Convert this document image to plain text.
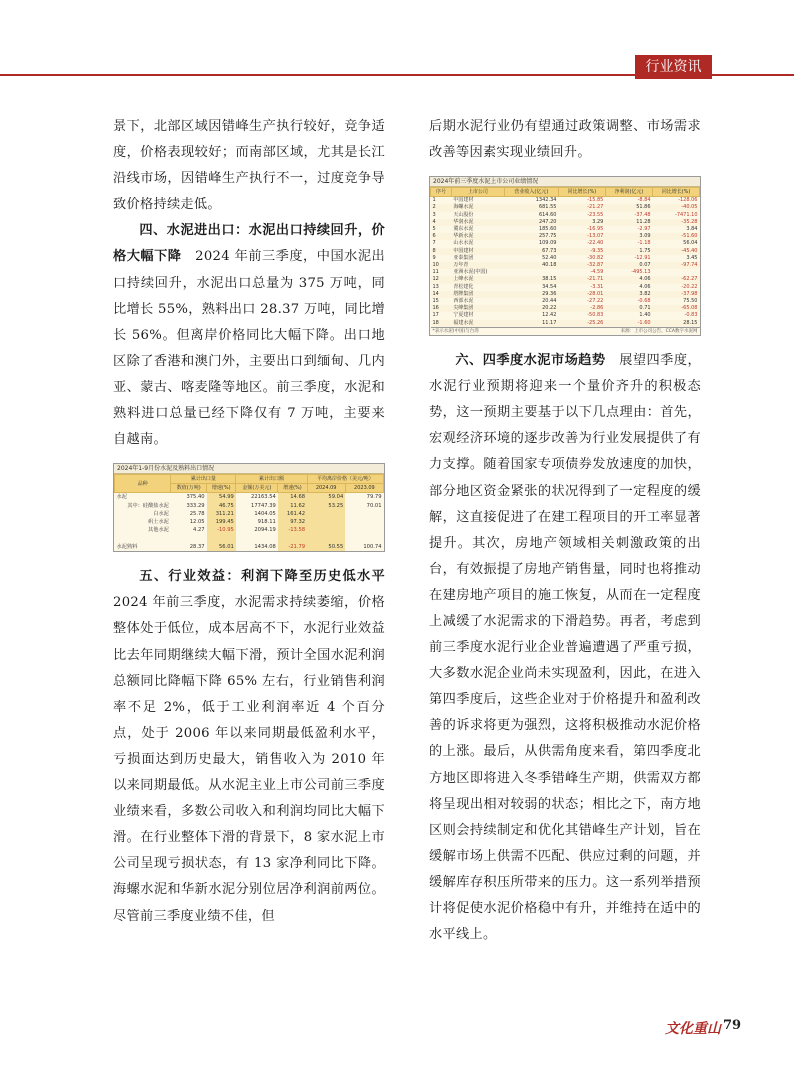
行业资讯

景下，北部区域因错峰生产执行较好，竞争适度，价格表现较好；而南部区域，尤其是长江沿线市场，因错峰生产执行不一，过度竞争导致价格持续走低。

四、水泥进出口：水泥出口持续回升，价格大幅下降　 2024 年前三季度，中国水泥出口持续回升，水泥出口总量为 375 万吨，同比增长 55%，熟料出口 28.37 万吨，同比增长 56%。但离岸价格同比大幅下降。出口地区除了香港和澳门外，主要出口到缅甸、几内亚、蒙古、喀麦隆等地区。前三季度，水泥和熟料进口总量已经下降仅有 7 万吨，主要来自越南。

2024年1-9月份水泥及熟料出口情况
品种	累计出口量		累计出口额		平均离岸价格（美元/吨）	
	数值(万吨)	增速(%)	金额(万美元)	增速(%)	2024.09	2023.09
水泥	375.40	54.99	22163.54	14.68	59.04	79.79
其中：硅酸盐水泥	333.29	46.75	17747.39	11.62	53.25	70.01
白水泥	25.78	311.21	1404.05	161.42		
矾土水泥	12.05	199.45	918.11	97.32		
其他水泥	4.27	-10.95	2094.19	-13.58		

水泥熟料	28.37	56.01	1434.08	-21.79	50.55	100.74

五、行业效益：利润下降至历史低水平　2024 年前三季度，水泥需求持续萎缩，价格整体处于低位，成本居高不下，水泥行业效益比去年同期继续大幅下滑，预计全国水泥利润总额同比降幅下降 65% 左右，行业销售利润率不足 2%，低于工业利润率近 4 个百分点，处于 2006 年以来同期最低盈利水平，亏损面达到历史最大，销售收入为 2010 年以来同期最低。从水泥主业上市公司前三季度业绩来看，多数公司收入和利润均同比大幅下滑。在行业整体下滑的背景下，8 家水泥上市公司呈现亏损状态，有 13 家净利同比下降。海螺水泥和华新水泥分别位居净利润前两位。尽管前三季度业绩不佳，但

后期水泥行业仍有望通过政策调整、市场需求改善等因素实现业绩回升。

2024年前三季度水泥上市公司业绩情况
序号	上市公司	营业收入(亿元)	同比增长(%)	净利润(亿元)	同比增长(%)
1	中国建材	1342.34	-15.85	-8.84	-128.06
2	海螺水泥	681.55	-21.27	51.86	-40.05
3	天山股份	614.60	-23.55	-37.48	-7471.10
4	华润水泥	247.20	3.29	11.28	-35.28
5	冀东水泥	185.60	-16.95	-2.97	3.84
6	华新水泥	257.75	-13.07	3.09	-51.60
7	山水水泥	109.09	-22.40	-1.18	56.04
8	中国建材	67.73	-9.35	1.75	-45.40
9	亚泰集团	52.40	-30.82	-12.91	3.45
10	万年青	40.18	-32.87	0.07	-97.74
11	亚洲水泥(中国)		-4.59	-495.13	
12	上峰水泥	38.15	-21.71	4.06	-62.27
13	青松建化	34.54	-3.31	4.06	-20.22
14	塔牌集团	29.36	-28.01	3.82	-37.98
15	西部水泥	20.44	-27.22	-0.68	75.50
16	尖峰集团	20.22	-2.86	0.71	-65.08
17	宁夏建材	12.42	-50.83	1.40	-0.83
18	福建水泥	11.17	-25.26	-1.60	28.15
*表示水泥(中国)与台湾			来源：上市公司公告、CCA数字水泥网		

六、四季度水泥市场趋势　 展望四季度，水泥行业预期将迎来一个量价齐升的积极态势，这一预期主要基于以下几点理由：首先，宏观经济环境的逐步改善为行业发展提供了有力支撑。随着国家专项债券发放速度的加快，部分地区资金紧张的状况得到了一定程度的缓解，这直接促进了在建工程项目的开工率显著提升。其次，房地产领域相关刺激政策的出台，有效振提了房地产销售量，同时也将推动在建房地产项目的施工恢复，从而在一定程度上减缓了水泥需求的下滑趋势。再者，考虑到前三季度水泥行业企业普遍遭遇了严重亏损，大多数水泥企业尚未实现盈利，因此，在进入第四季度后，这些企业对于价格提升和盈利改善的诉求将更为强烈，这将积极推动水泥价格的上涨。最后，从供需角度来看，第四季度北方地区即将进入冬季错峰生产期，供需双方都将呈现出相对较弱的状态；相比之下，南方地区则会持续制定和优化其错峰生产计划，旨在缓解市场上供需不匹配、供应过剩的问题，并缓解库存积压所带来的压力。这一系列举措预计将促使水泥价格稳中有升，并维持在适中的水平线上。

文化重山 79
